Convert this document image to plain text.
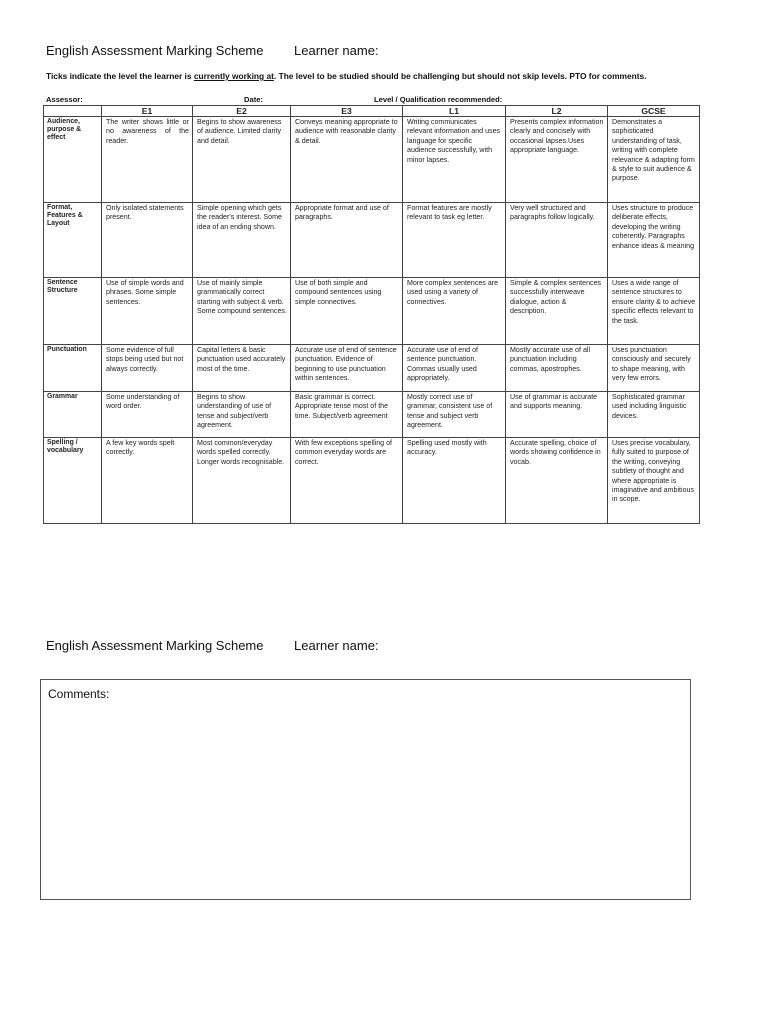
English Assessment Marking Scheme Learner name:
Ticks indicate the level the learner is currently working at. The level to be studied should be challenging but should not skip levels. PTO for comments.
Assessor:	Date:	Level / Qualification recommended:
	E1	E2	E3	L1	L2	GCSE
Audience, purpose & effect	The writer shows little or no awareness of the reader.	Begins to show awareness of audience. Limited clarity and detail.	Conveys meaning appropriate to audience with reasonable clarity & detail.	Writing communicates relevant information and uses language for specific audience successfully, with minor lapses.	Presents complex information clearly and concisely with occasional lapses.Uses appropriate language.	Demonstrates a sophisticated understanding of task, writing with complete relevance & adapting form & style to suit audience & purpose.
Format, Features & Layout	Only isolated statements present.	Simple opening which gets the reader's interest. Some idea of an ending shown.	Appropriate format and use of paragraphs.	Format features are mostly relevant to task eg letter.	Very well structured and paragraphs follow logically.	Uses structure to produce deliberate effects, developing the writing coherently. Paragraphs enhance ideas & meaning
Sentence Structure	Use of simple words and phrases. Some simple sentences.	Use of mainly simple grammatically correct starting with subject & verb. Some compound sentences.	Use of both simple and compound sentences using simple connectives.	More complex sentences are used using a variety of connectives.	Simple & complex sentences successfully interweave dialogue, action & description.	Uses a wide range of sentence structures to ensure clarity & to achieve specific effects relevant to the task.
Punctuation	Some evidence of full stops being used but not always correctly.	Capital letters & basic punctuation used accurately most of the time.	Accurate use of end of sentence punctuation. Evidence of beginning to use punctuation within sentences.	Accurate use of end of sentence punctuation. Commas usually used appropriately.	Mostly accurate use of all punctuation including commas, apostrophes.	Uses punctuation consciously and securely to shape meaning, with very few errors.
Grammar	Some understanding of word order.	Begins to show understanding of use of tense and subject/verb agreement.	Basic grammar is correct. Appropriate tense most of the time. Subject/verb agreement	Mostly correct use of grammar, consistent use of tense and subject verb agreement.	Use of grammar is accurate and supports meaning.	Sophisticated grammar used including linguistic devices.
Spelling / vocabulary	A few key words spelt correctly.	Most common/everyday words spelled correctly. Longer words recognisable.	With few exceptions spelling of common everyday words are correct.	Spelling used mostly with accuracy.	Accurate spelling, choice of words showing confidence in vocab.	Uses precise vocabulary, fully suited to purpose of the writing, conveying subtlety of thought and where appropriate is imaginative and ambitious in scope.
English Assessment Marking Scheme Learner name:
Comments:
